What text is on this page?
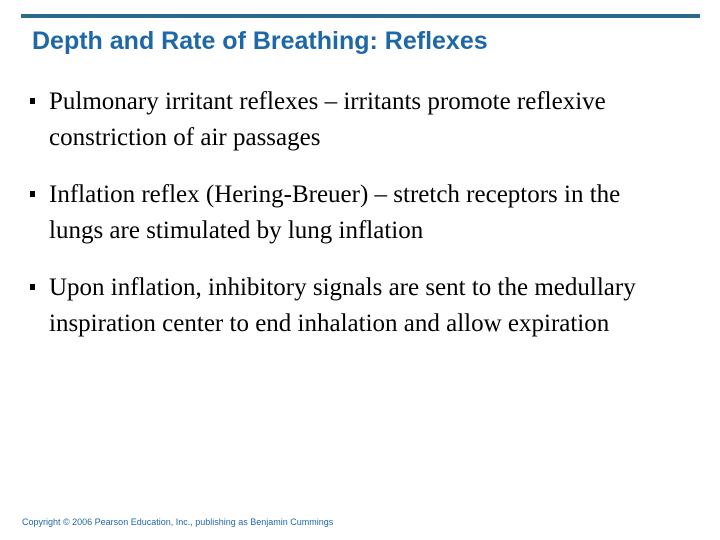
Depth and Rate of Breathing: Reflexes
Pulmonary irritant reflexes – irritants promote reflexive constriction of air passages
Inflation reflex (Hering-Breuer) – stretch receptors in the lungs are stimulated by lung inflation
Upon inflation, inhibitory signals are sent to the medullary inspiration center to end inhalation and allow expiration
Copyright © 2006 Pearson Education, Inc., publishing as Benjamin Cummings
